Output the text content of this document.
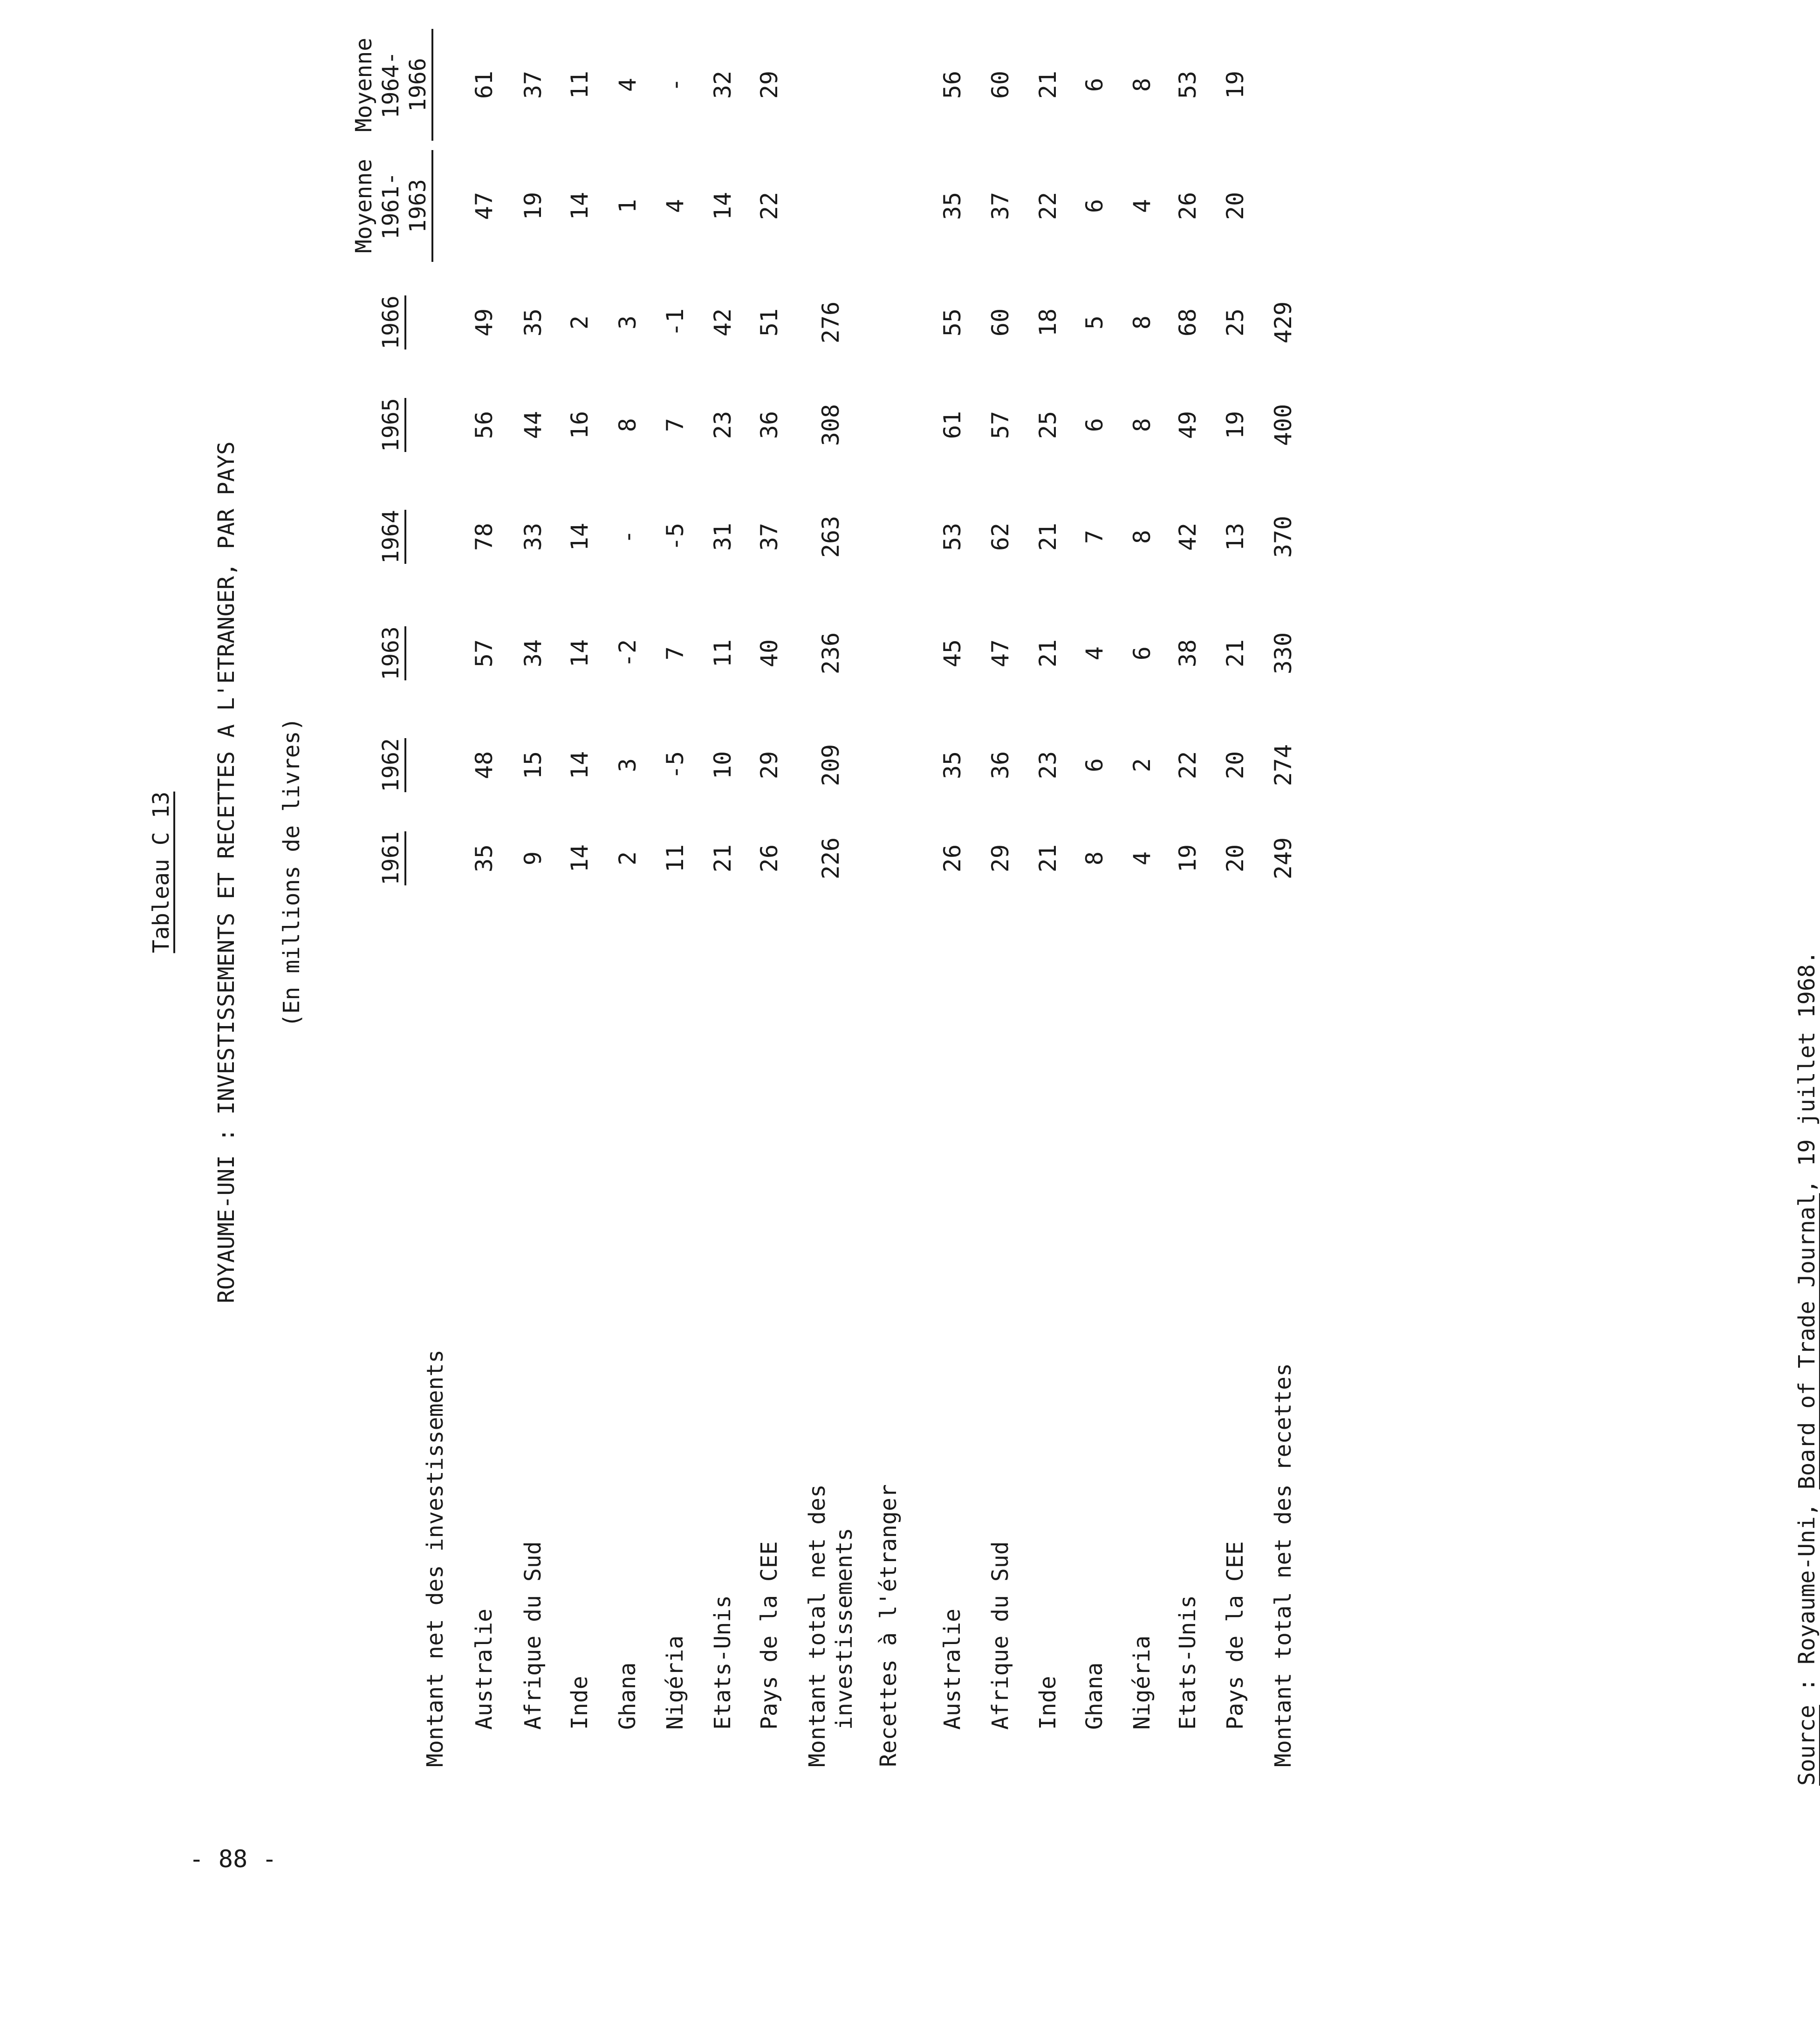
Tableau C 13 ROYAUME-UNI : INVESTISSEMENTS ET RECETTES A L'ETRANGER, PAR PAYS (En millions de livres)	1961
1962
1963
1964
1965
1966
Moyenne 1961-1963
Moyenne 1964-1966
Montant net des investissements Australie
35
48
57
78
56
49
47
61
Afrique du Sud
9
15
34
33
44
35
19
37
Inde
14
14
14
14
16
2
14
11
Ghana
2
3
-2
-
8
3
1
4
Nigéria
11
-5
7
-5
7
-1
4
-
Etats-Unis
21
10
11
31
23
42
14
32
Pays de la CEE
26
29
40
37
36
51
22
29
Montant total net des investissements
226
209
236
263
308
276
Recettes à l'étranger Australie
26
35
45
53
61
55
35
56
Afrique du Sud
29
36
47
62
57
60
37
60
Inde
21
23
21
21
25
18
22
21
Ghana
8
6
4
7
6
5
6
6
Nigéria
4
2
6
8
8
8
4
8
Etats-Unis
19
22
38
42
49
68
26
53
Pays de la CEE
20
20
21
13
19
25
20
19
Montant total net des recettes
249
274
330
370
400
429
Source : Royaume-Uni, Board of Trade Journal, 19 juillet 1968.
- 88 -
